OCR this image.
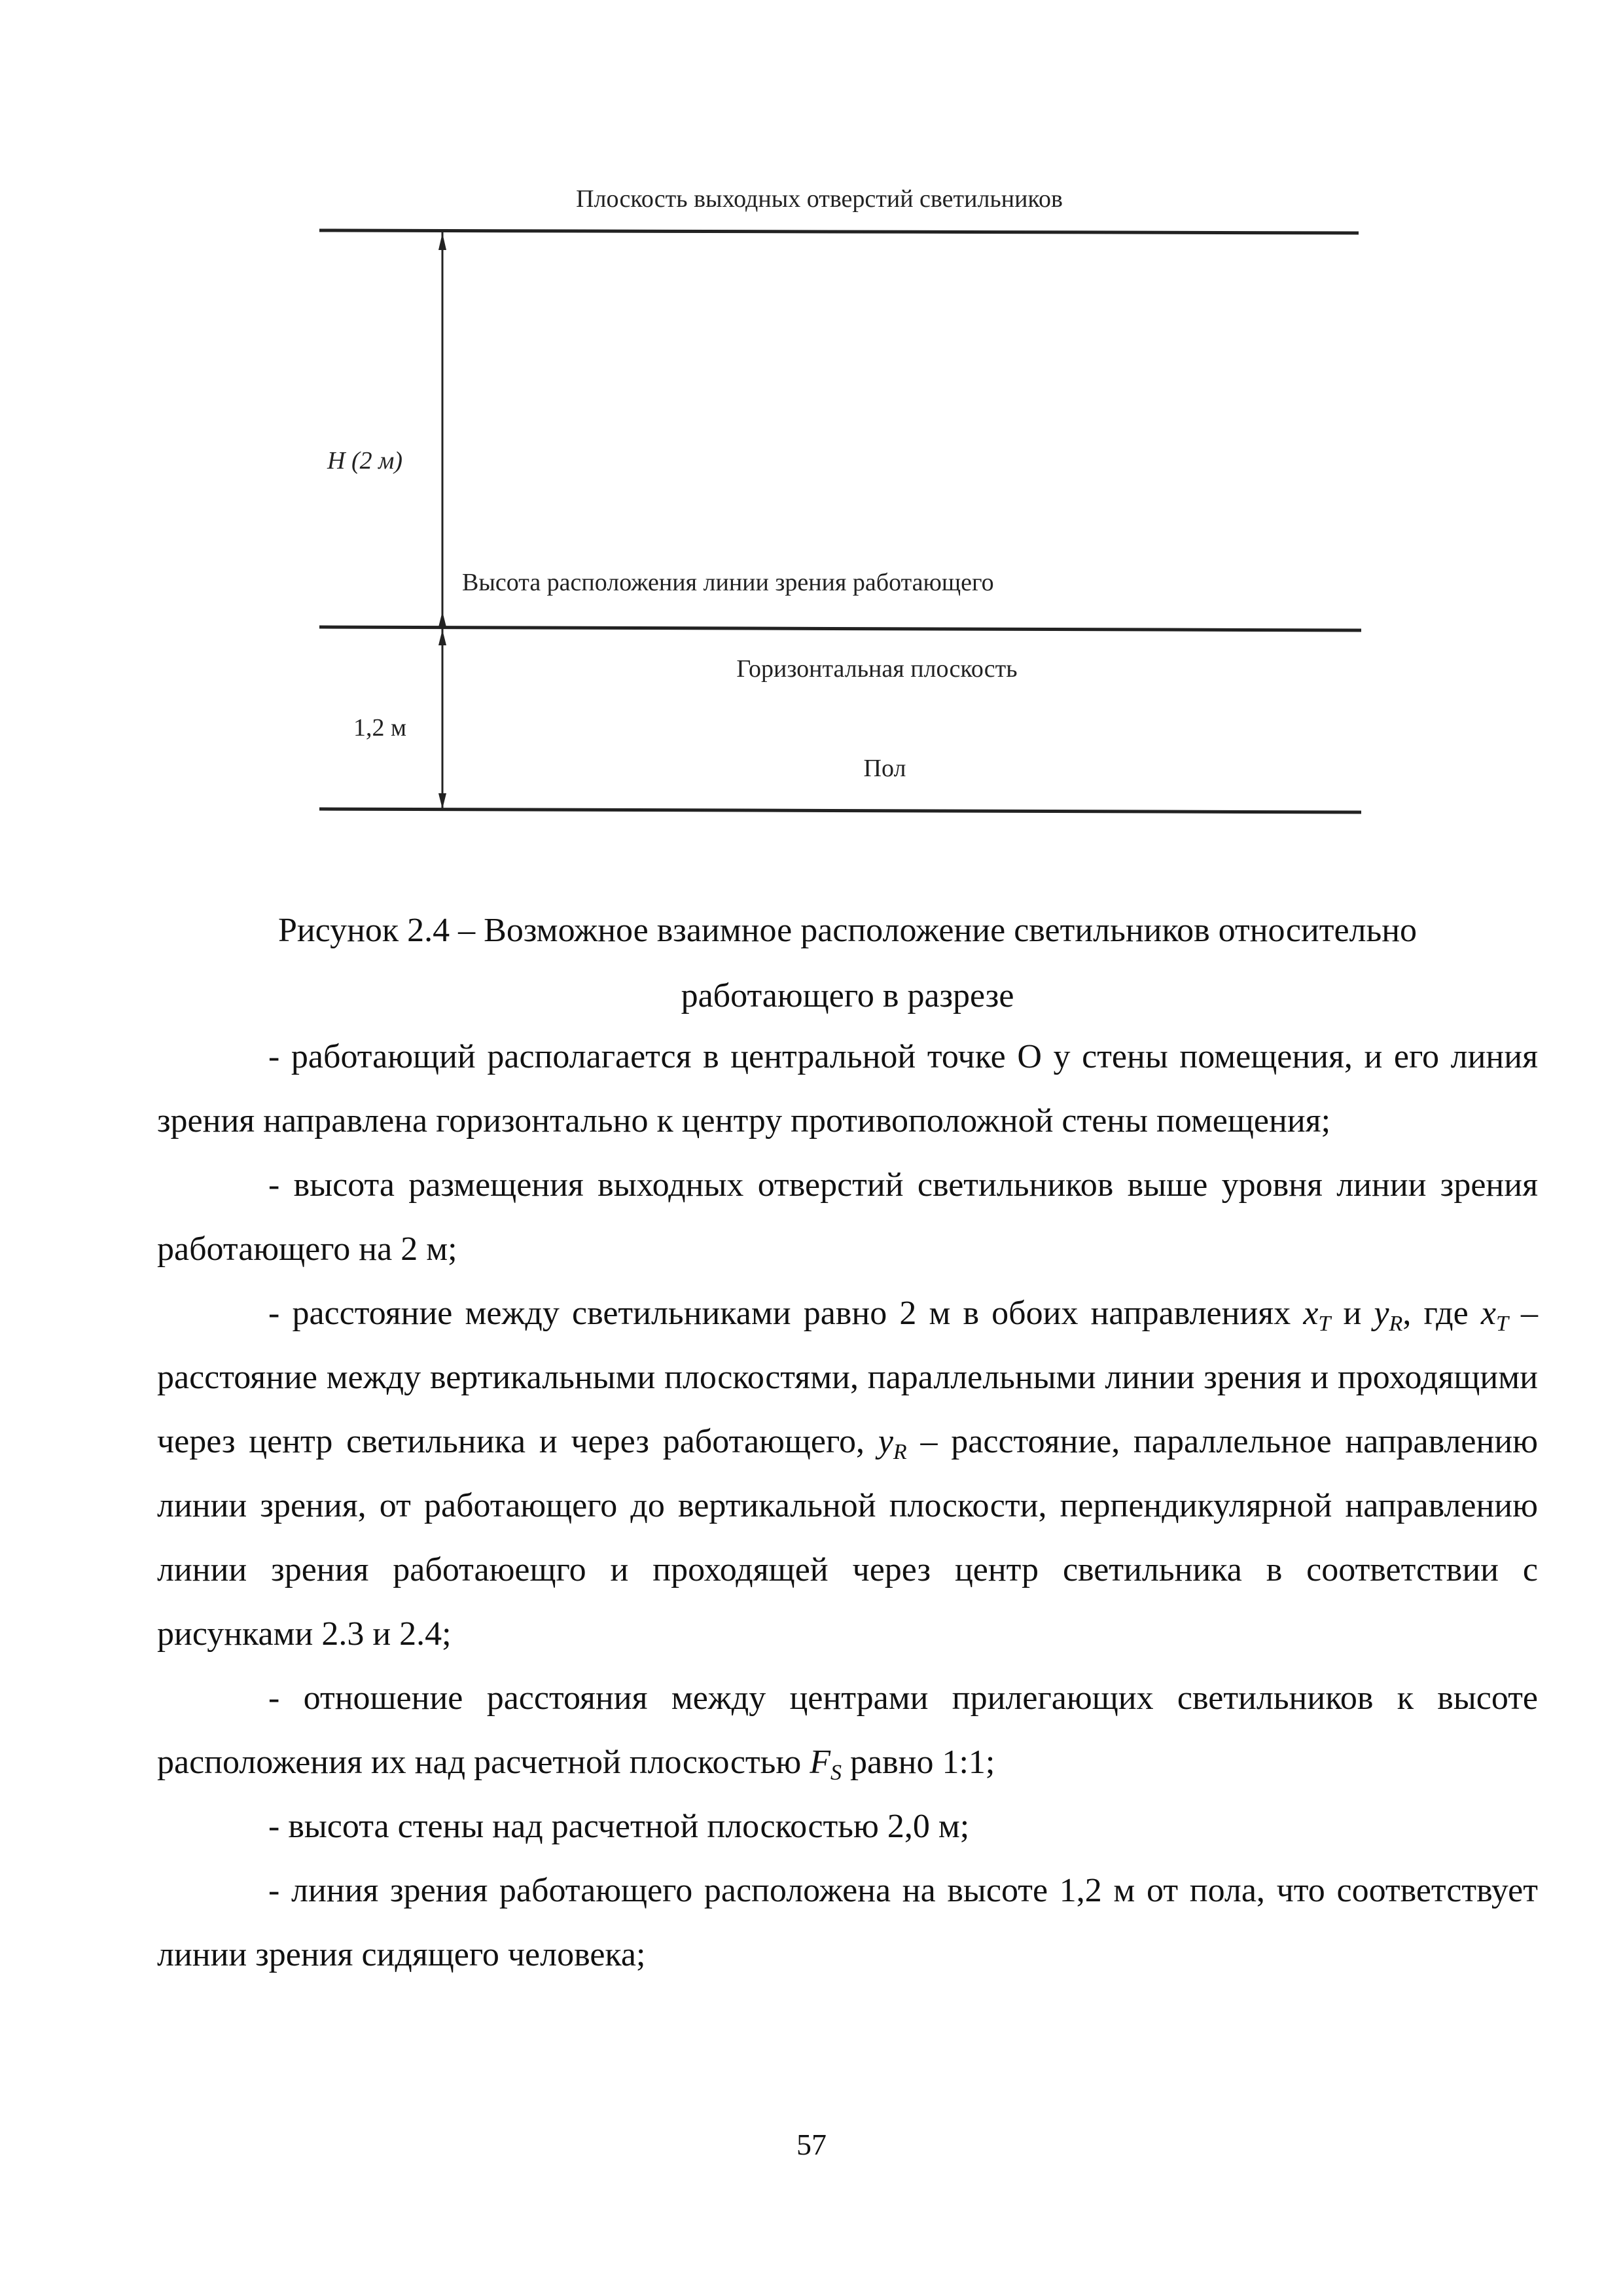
Плоскость выходных отверстий светильников
H (2 м)
Высота расположения линии зрения работающего
Горизонтальная плоскость
1,2 м
Пол
Рисунок 2.4 – Возможное взаимное расположение светильников относительно
работающего в разрезе

- работающий располагается в центральной точке О у стены помещения, и его линия зрения направлена горизонтально к центру противоположной стены помещения;

- высота размещения выходных отверстий светильников выше уровня линии зрения работающего на 2 м;

- расстояние между светильниками равно 2 м в обоих направлениях $x_Т$ и $y_R$, где $x_T$ – расстояние между вертикальными плоскостями, параллельными линии зрения и проходящими через центр светильника и через работающего, $y_R$ – расстояние, параллельное направлению линии зрения, от работающего до вертикальной плоскости, перпендикулярной направлению линии зрения работаюещго и проходящей через центр светильника в соответствии с рисунками 2.3 и 2.4;

- отношение расстояния между центрами прилегающих светильников к высоте расположения их над расчетной плоскостью $F_S$ равно 1:1;

- высота стены над расчетной плоскостью 2,0 м;

- линия зрения работающего расположена на высоте 1,2 м от пола, что соответствует линии зрения сидящего человека;

57
